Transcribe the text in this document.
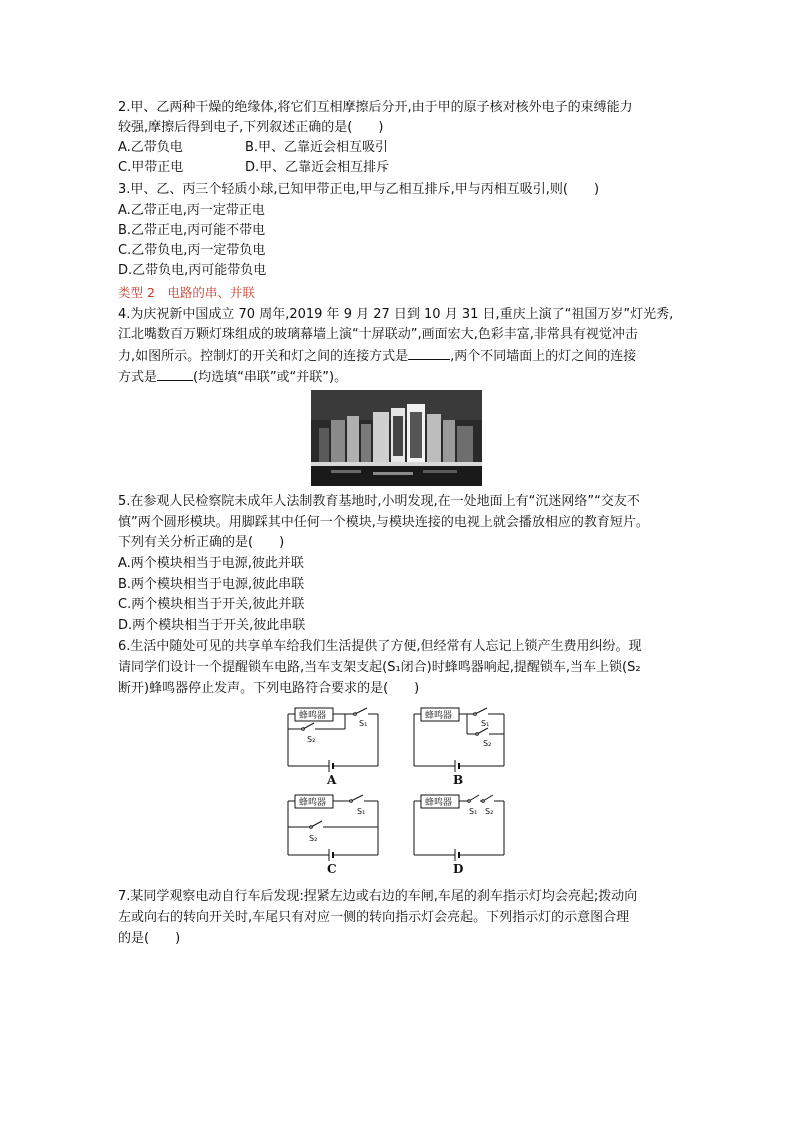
2.甲、乙两种干燥的绝缘体,将它们互相摩擦后分开,由于甲的原子核对核外电子的束缚能力
较强,摩擦后得到电子,下列叙述正确的是(　　)
A.乙带负电	B.甲、乙靠近会相互吸引
C.甲带正电	D.甲、乙靠近会相互排斥
3.甲、乙、丙三个轻质小球,已知甲带正电,甲与乙相互排斥,甲与丙相互吸引,则(　　)
A.乙带正电,丙一定带正电
B.乙带正电,丙可能不带电
C.乙带负电,丙一定带负电
D.乙带负电,丙可能带负电
类型 2　电路的串、并联
4.为庆祝新中国成立 70 周年,2019 年 9 月 27 日到 10 月 31 日,重庆上演了“祖国万岁”灯光秀,
江北嘴数百万颗灯珠组成的玻璃幕墙上演“十屏联动”,画面宏大,色彩丰富,非常具有视觉冲击
力,如图所示。控制灯的开关和灯之间的连接方式是	,两个不同墙面上的灯之间的连接
方式是	(均选填“串联”或“并联”)。
5.在参观人民检察院未成年人法制教育基地时,小明发现,在一处地面上有“沉迷网络”“交友不
慎”两个圆形模块。用脚踩其中任何一个模块,与模块连接的电视上就会播放相应的教育短片。
下列有关分析正确的是(　　)
A.两个模块相当于电源,彼此并联
B.两个模块相当于电源,彼此串联
C.两个模块相当于开关,彼此并联
D.两个模块相当于开关,彼此串联
6.生活中随处可见的共享单车给我们生活提供了方便,但经常有人忘记上锁产生费用纠纷。现
请同学们设计一个提醒锁车电路,当车支架支起(S₁闭合)时蜂鸣器响起,提醒锁车,当车上锁(S₂
断开)蜂鸣器停止发声。下列电路符合要求的是(　　)
蜂鸣器
S₁
S₂
A
蜂鸣器
S₁
S₂
B
蜂鸣器
S₁
S₂
C
蜂鸣器
S₁ S₂
D
7.某同学观察电动自行车后发现:捏紧左边或右边的车闸,车尾的刹车指示灯均会亮起;拨动向
左或向右的转向开关时,车尾只有对应一侧的转向指示灯会亮起。下列指示灯的示意图合理
的是(　　)
